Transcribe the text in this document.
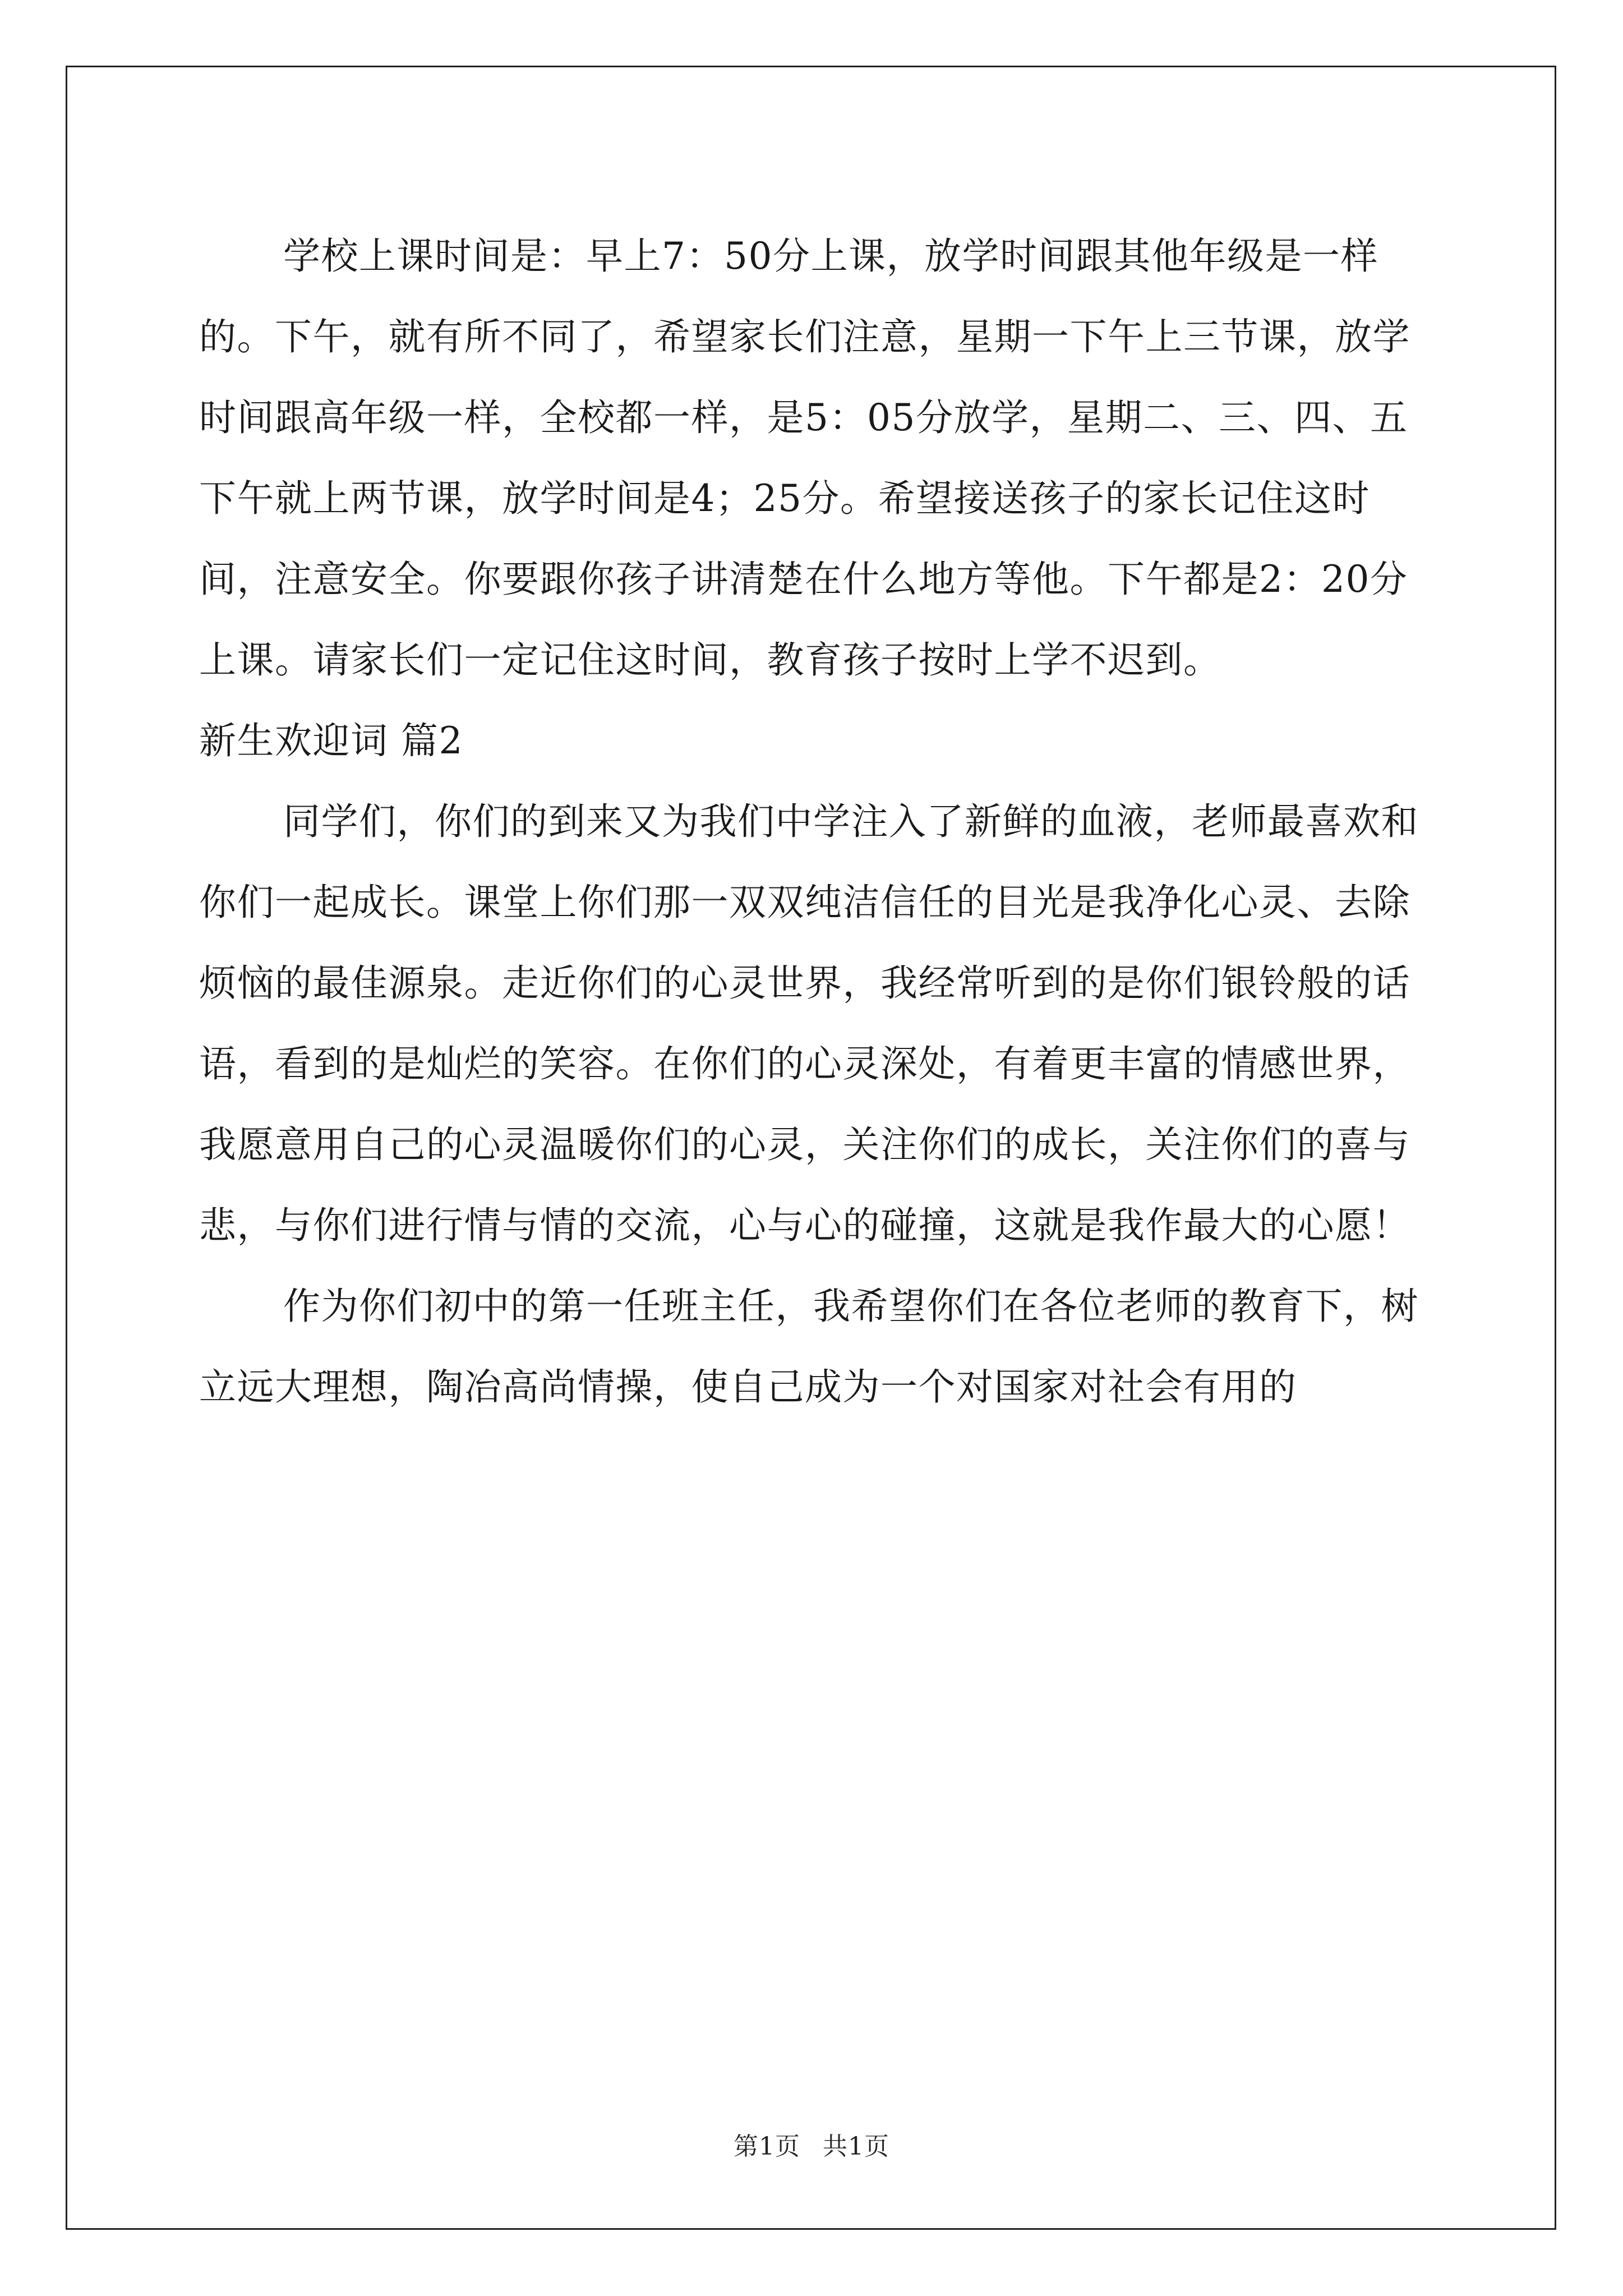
学校上课时间是：早上7：50分上课，放学时间跟其他年级是一样的。下午，就有所不同了，希望家长们注意，星期一下午上三节课，放学时间跟高年级一样，全校都一样，是5：05分放学，星期二、三、四、五下午就上两节课，放学时间是4；25分。希望接送孩子的家长记住这时间，注意安全。你要跟你孩子讲清楚在什么地方等他。下午都是2：20分上课。请家长们一定记住这时间，教育孩子按时上学不迟到。

新生欢迎词 篇2

同学们，你们的到来又为我们中学注入了新鲜的血液，老师最喜欢和你们一起成长。课堂上你们那一双双纯洁信任的目光是我净化心灵、去除烦恼的最佳源泉。走近你们的心灵世界，我经常听到的是你们银铃般的话语，看到的是灿烂的笑容。在你们的心灵深处，有着更丰富的情感世界，我愿意用自己的心灵温暖你们的心灵，关注你们的成长，关注你们的喜与悲，与你们进行情与情的交流，心与心的碰撞，这就是我作最大的心愿！

作为你们初中的第一任班主任，我希望你们在各位老师的教育下，树立远大理想，陶冶高尚情操，使自己成为一个对国家对社会有用的

第1页 共1页
